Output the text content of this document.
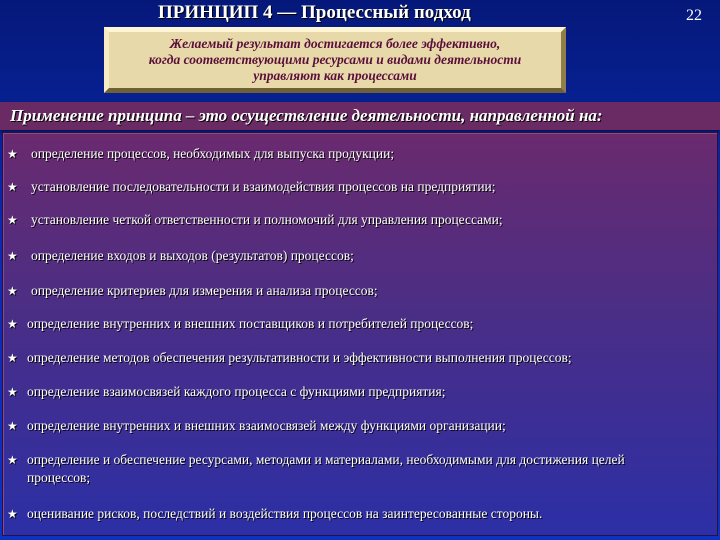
ПРИНЦИП 4 — Процессный подход	22
Желаемый результат достигается более эффективно,
когда соответствующими ресурсами и видами деятельности
управляют как процессами
Применение принципа – это осуществление деятельности, направленной на:
★ определение процессов, необходимых для выпуска продукции;
★ установление последовательности и взаимодействия процессов на предприятии;
★ установление четкой ответственности и полномочий для управления процессами;
★ определение входов и выходов (результатов) процессов;
★ определение критериев для измерения и анализа процессов;
★ определение внутренних и внешних поставщиков и потребителей процессов;
★ определение методов обеспечения результативности и эффективности выполнения процессов;
★ определение взаимосвязей каждого процесса с функциями предприятия;
★ определение внутренних и внешних взаимосвязей между функциями организации;
★ определение и обеспечение ресурсами, методами и материалами, необходимыми для достижения целей процессов;
★ оценивание рисков, последствий и воздействия процессов на заинтересованные стороны.
